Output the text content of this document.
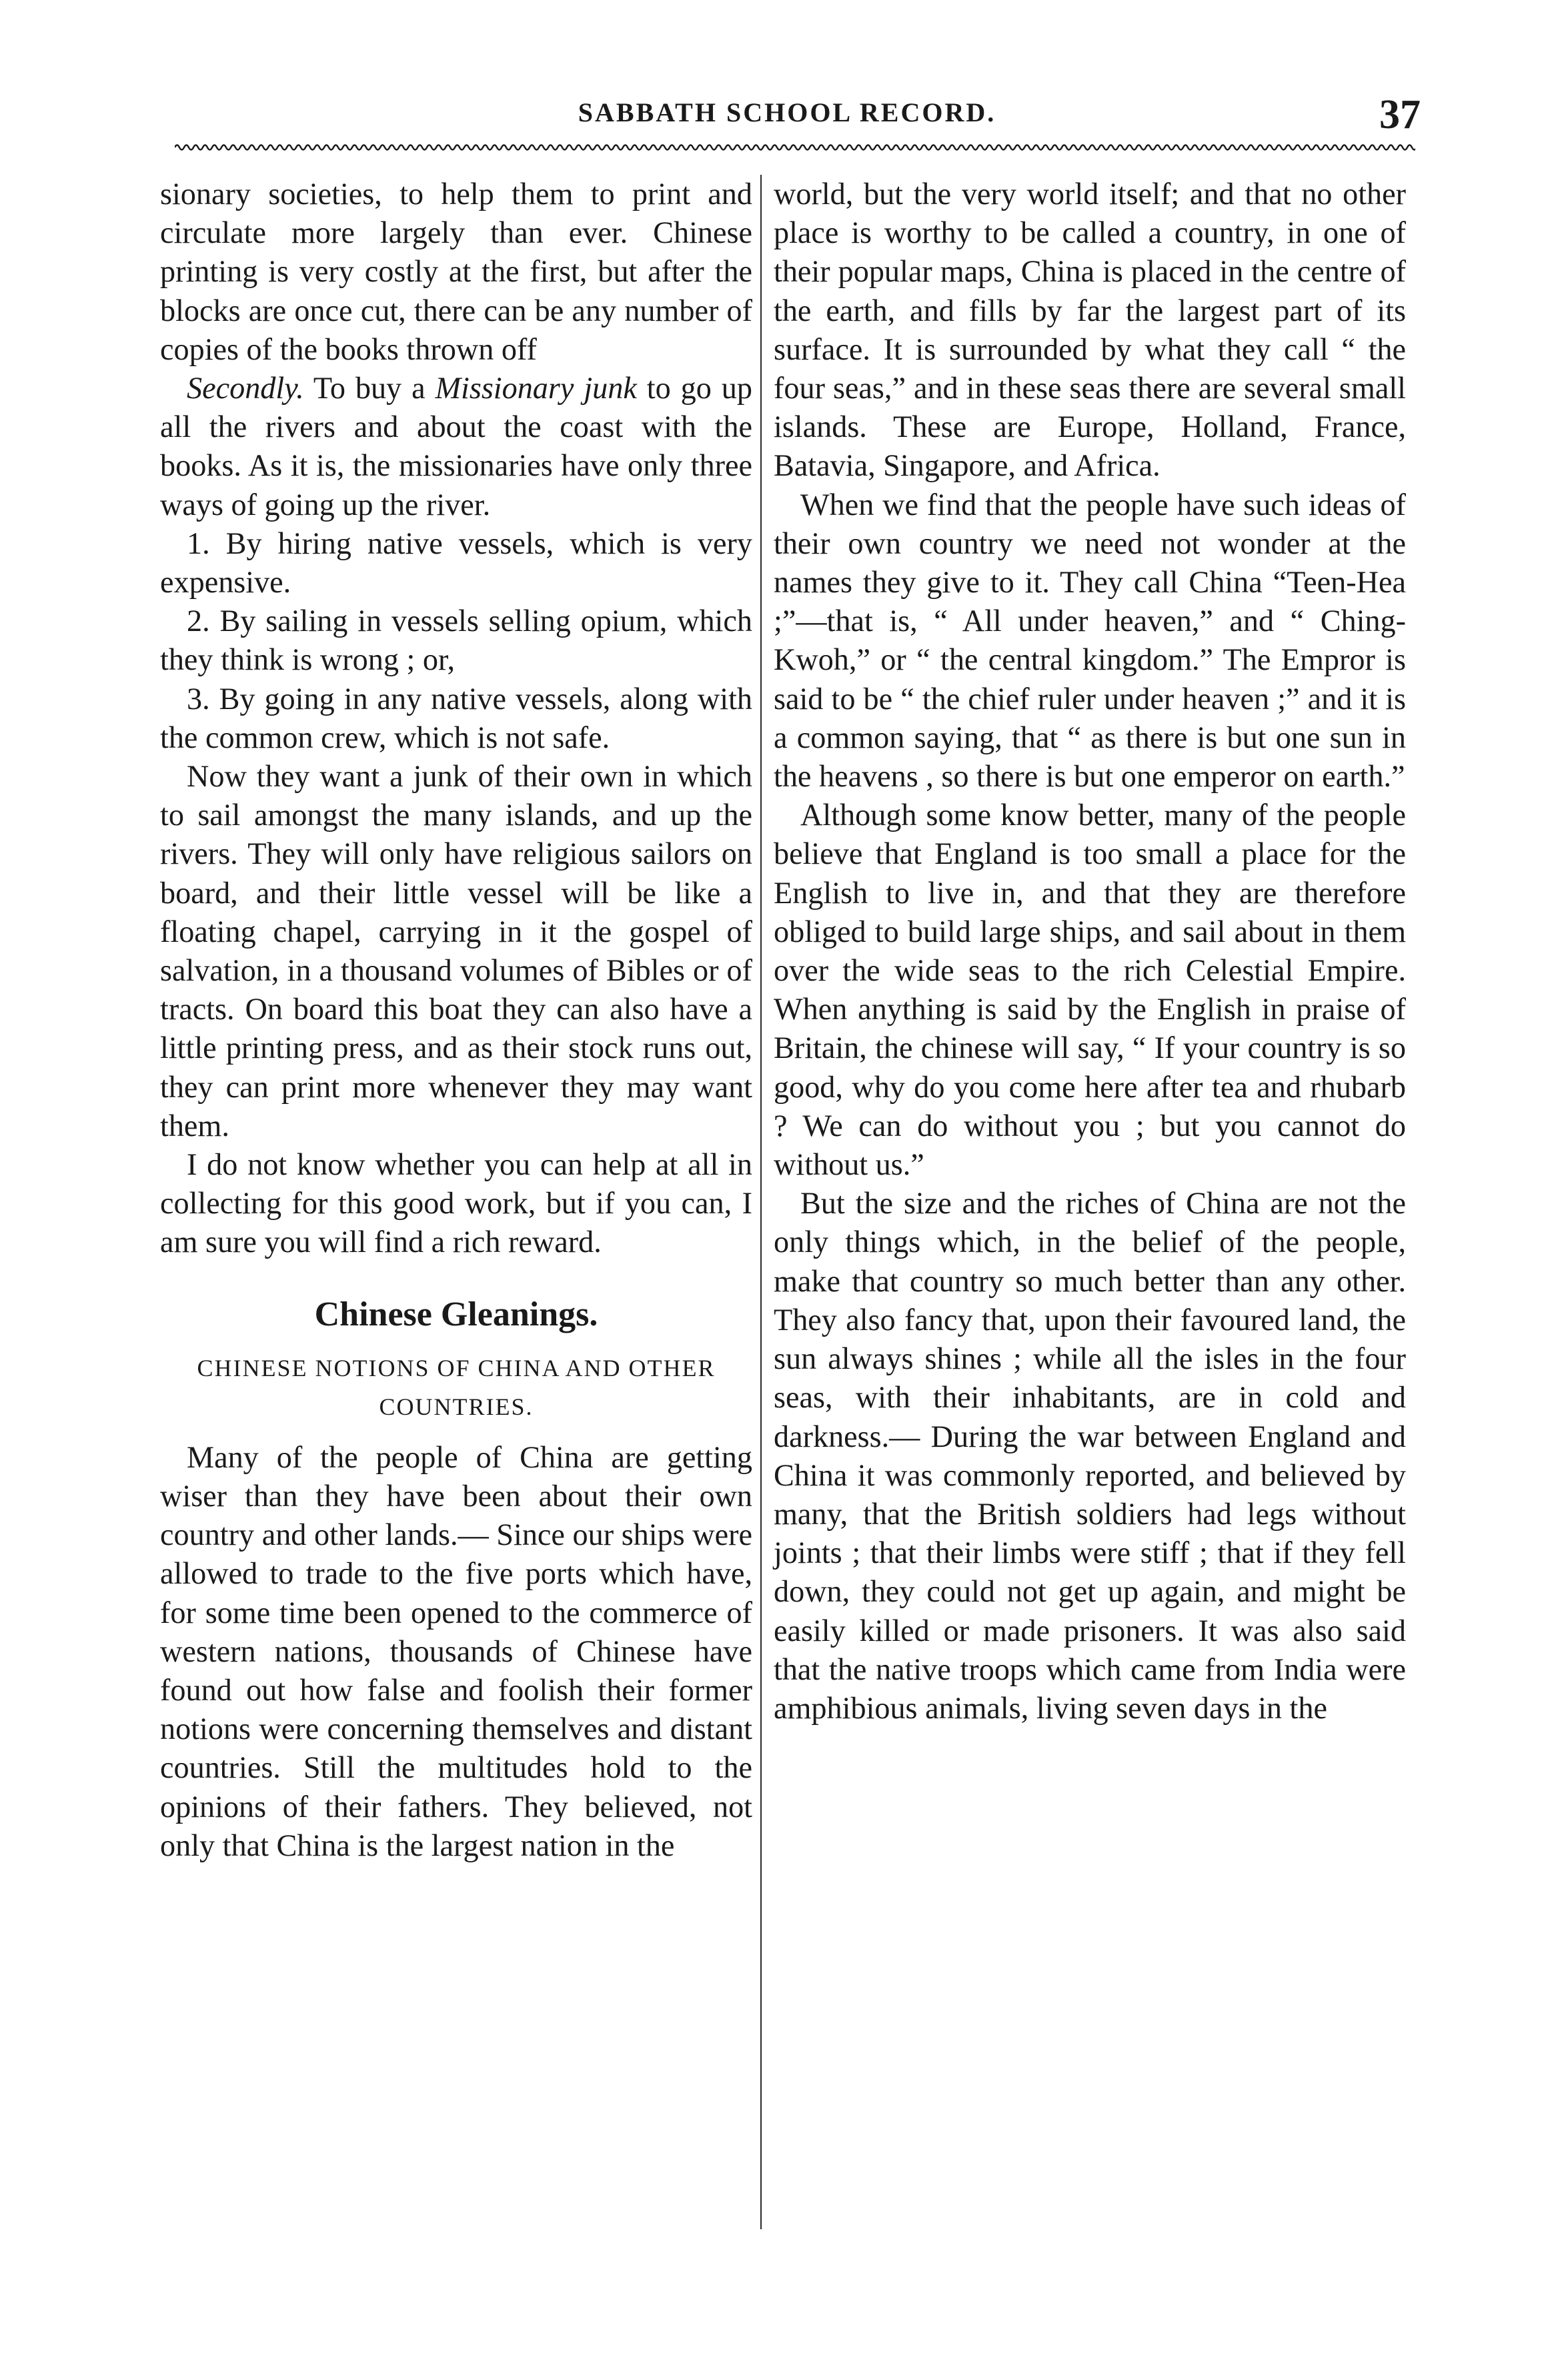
SABBATH SCHOOL RECORD.	37

sionary societies, to help them to print and circulate more largely than ever. Chinese printing is very costly at the first, but after the blocks are once cut, there can be any number of copies of the books thrown off

Secondly. To buy a Missionary junk to go up all the rivers and about the coast with the books. As it is, the missionaries have only three ways of going up the river.

1. By hiring native vessels, which is very expensive.

2. By sailing in vessels selling opium, which they think is wrong ; or,

3. By going in any native vessels, along with the common crew, which is not safe.

Now they want a junk of their own in which to sail amongst the many islands, and up the rivers. They will only have religious sailors on board, and their little vessel will be like a floating chapel, carrying in it the gospel of salvation, in a thousand volumes of Bibles or of tracts. On board this boat they can also have a little printing press, and as their stock runs out, they can print more whenever they may want them.

I do not know whether you can help at all in collecting for this good work, but if you can, I am sure you will find a rich reward.

Chinese Gleanings.
CHINESE NOTIONS OF CHINA AND OTHER COUNTRIES.

Many of the people of China are getting wiser than they have been about their own country and other lands.— Since our ships were allowed to trade to the five ports which have, for some time been opened to the commerce of western nations, thousands of Chinese have found out how false and foolish their former notions were concerning themselves and distant countries. Still the multitudes hold to the opinions of their fathers. They believed, not only that China is the largest nation in the

world, but the very world itself; and that no other place is worthy to be called a country, in one of their popular maps, China is placed in the centre of the earth, and fills by far the largest part of its surface. It is surrounded by what they call “ the four seas,” and in these seas there are several small islands. These are Europe, Holland, France, Batavia, Singapore, and Africa.

When we find that the people have such ideas of their own country we need not wonder at the names they give to it. They call China “Teen-Hea ;”—that is, “ All under heaven,” and “ Ching-Kwoh,” or “ the central kingdom.” The Empror is said to be “ the chief ruler under heaven ;” and it is a common saying, that “ as there is but one sun in the heavens , so there is but one emperor on earth.”

Although some know better, many of the people believe that England is too small a place for the English to live in, and that they are therefore obliged to build large ships, and sail about in them over the wide seas to the rich Celestial Empire. When anything is said by the English in praise of Britain, the chinese will say, “ If your country is so good, why do you come here after tea and rhubarb ? We can do without you ; but you cannot do without us.”

But the size and the riches of China are not the only things which, in the belief of the people, make that country so much better than any other. They also fancy that, upon their favoured land, the sun always shines ; while all the isles in the four seas, with their inhabitants, are in cold and darkness.— During the war between England and China it was commonly reported, and believed by many, that the British soldiers had legs without joints ; that their limbs were stiff ; that if they fell down, they could not get up again, and might be easily killed or made prisoners. It was also said that the native troops which came from India were amphibious animals, living seven days in the
